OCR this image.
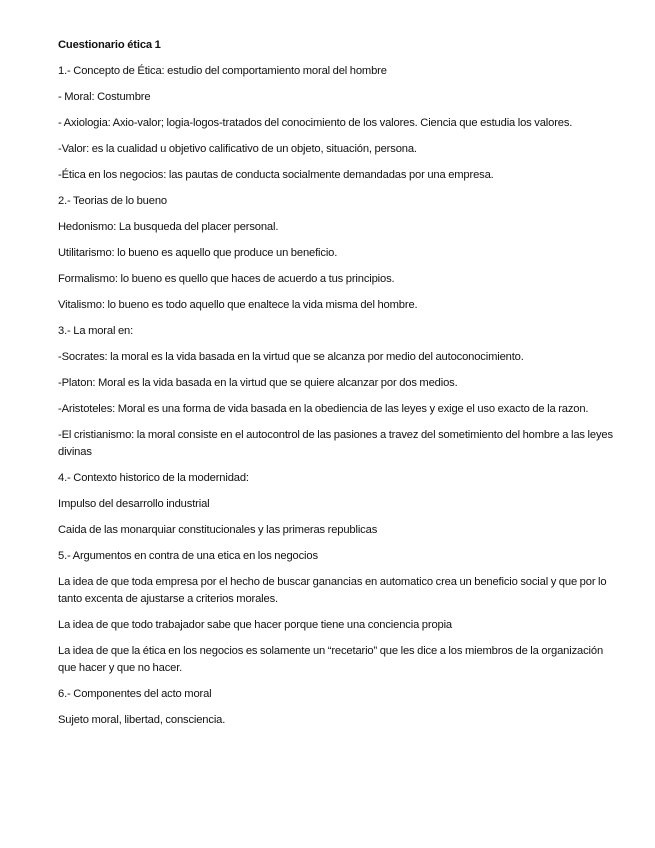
Cuestionario ética 1

1.- Concepto de Ética: estudio del comportamiento moral del hombre

- Moral: Costumbre

- Axiologia: Axio-valor; logia-logos-tratados del conocimiento de los valores. Ciencia que estudia los valores.

-Valor: es la cualidad u objetivo calificativo de un objeto, situación, persona.

-Ética en los negocios: las pautas de conducta socialmente demandadas por una empresa.

2.- Teorias de lo bueno

Hedonismo: La busqueda del placer personal.

Utilitarismo: lo bueno es aquello que produce un beneficio.

Formalismo: lo bueno es quello que haces de acuerdo a tus principios.

Vitalismo: lo bueno es todo aquello que enaltece la vida misma del hombre.

3.- La moral en:

-Socrates: la moral es la vida basada en la virtud que se alcanza por medio del autoconocimiento.

-Platon: Moral es la vida basada en la virtud que se quiere alcanzar por dos medios.

-Aristoteles: Moral es una forma de vida basada en la obediencia de las leyes y exige el uso exacto de la razon.

-El cristianismo: la moral consiste en el autocontrol de las pasiones a travez del sometimiento del hombre a las leyes divinas

4.- Contexto historico de la modernidad:

Impulso del desarrollo industrial

Caida de las monarquiar constitucionales y las primeras republicas

5.- Argumentos en contra de una etica en los negocios

La idea de que toda empresa por el hecho de buscar ganancias en automatico crea un beneficio social y que por lo tanto excenta de ajustarse a criterios morales.

La idea de que todo trabajador sabe que hacer porque tiene una conciencia propia

La idea de que la ética en los negocios es solamente un “recetario” que les dice a los miembros de la organización que hacer y que no hacer.

6.- Componentes del acto moral

Sujeto moral, libertad, consciencia.
